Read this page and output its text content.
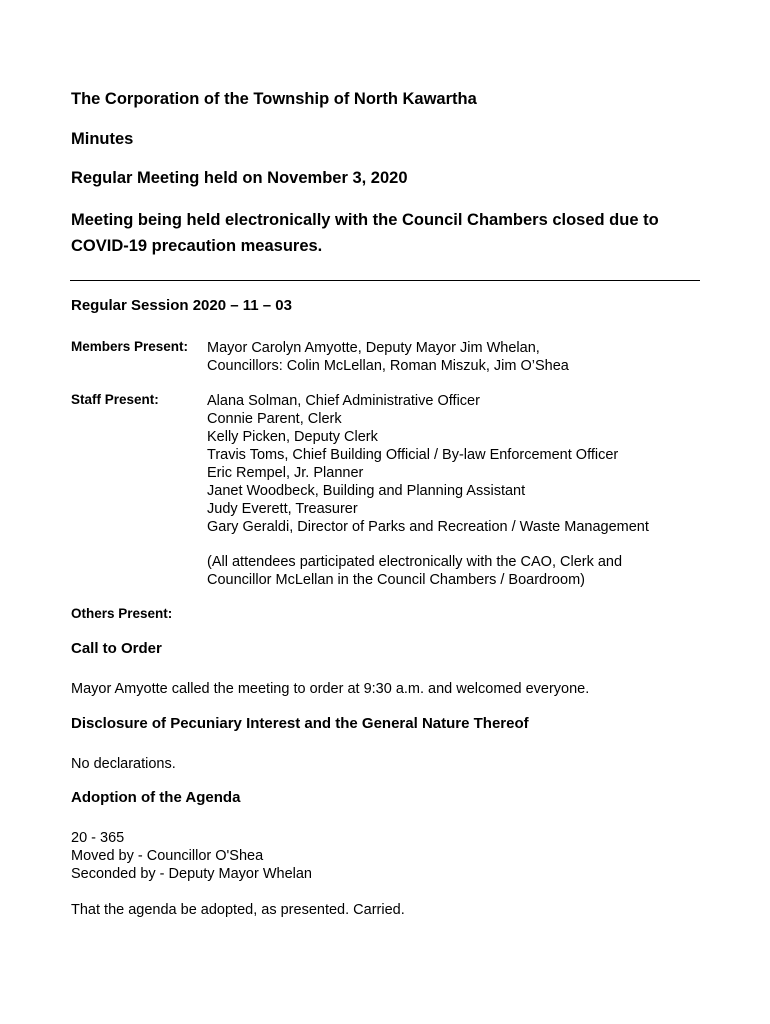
The Corporation of the Township of North Kawartha
Minutes
Regular Meeting held on November 3, 2020
Meeting being held electronically with the Council Chambers closed due to COVID-19 precaution measures.
Regular Session 2020 – 11 – 03
Members Present: Mayor Carolyn Amyotte, Deputy Mayor Jim Whelan,
Councillors: Colin McLellan, Roman Miszuk, Jim O’Shea
Staff Present:	Alana Solman, Chief Administrative Officer
Connie Parent, Clerk
Kelly Picken, Deputy Clerk
Travis Toms, Chief Building Official / By-law Enforcement Officer
Eric Rempel, Jr. Planner
Janet Woodbeck, Building and Planning Assistant
Judy Everett, Treasurer
Gary Geraldi, Director of Parks and Recreation / Waste Management
(All attendees participated electronically with the CAO, Clerk and
Councillor McLellan in the Council Chambers / Boardroom)
Others Present:
Call to Order
Mayor Amyotte called the meeting to order at 9:30 a.m. and welcomed everyone.
Disclosure of Pecuniary Interest and the General Nature Thereof
No declarations.
Adoption of the Agenda
20 - 365
Moved by - Councillor O'Shea
Seconded by - Deputy Mayor Whelan
That the agenda be adopted, as presented. Carried.
